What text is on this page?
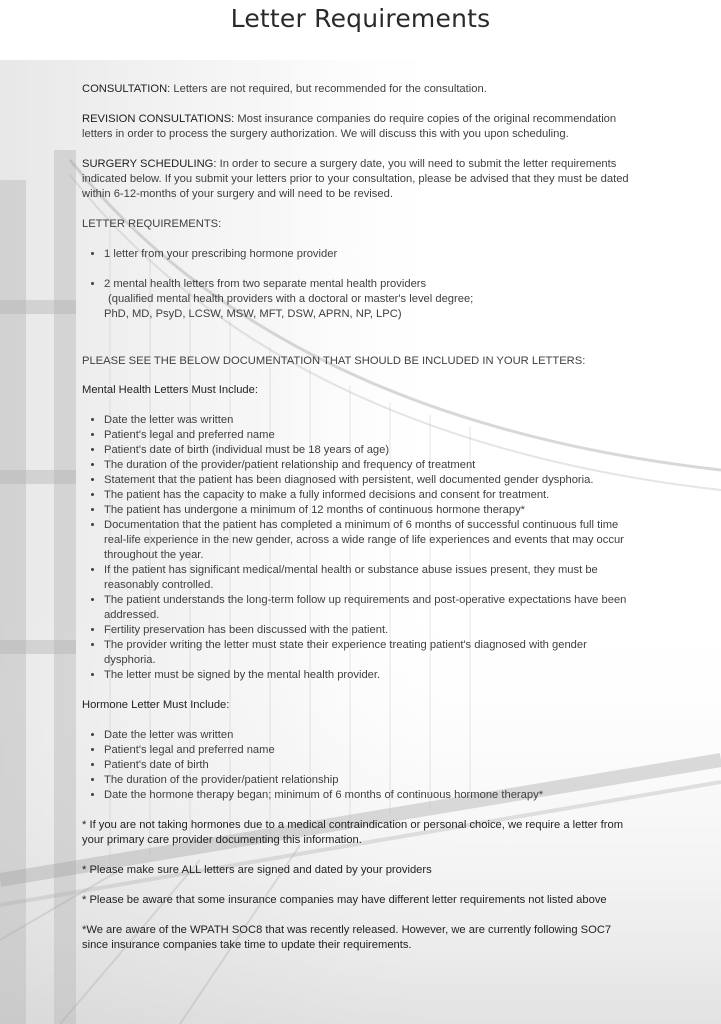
Letter Requirements

CONSULTATION: Letters are not required, but recommended for the consultation.

REVISION CONSULTATIONS: Most insurance companies do require copies of the original recommendation letters in order to process the surgery authorization. We will discuss this with you upon scheduling.

SURGERY SCHEDULING: In order to secure a surgery date, you will need to submit the letter requirements indicated below. If you submit your letters prior to your consultation, please be advised that they must be dated within 6-12-months of your surgery and will need to be revised.

LETTER REQUIREMENTS:

• 1 letter from your prescribing hormone provider
• 2 mental health letters from two separate mental health providers

(qualified mental health providers with a doctoral or master's level degree;
PhD, MD, PsyD, LCSW, MSW, MFT, DSW, APRN, NP, LPC)

PLEASE SEE THE BELOW DOCUMENTATION THAT SHOULD BE INCLUDED IN YOUR LETTERS:

Mental Health Letters Must Include:

• Date the letter was written
• Patient's legal and preferred name
• Patient's date of birth (individual must be 18 years of age)
• The duration of the provider/patient relationship and frequency of treatment
• Statement that the patient has been diagnosed with persistent, well documented gender dysphoria.
• The patient has the capacity to make a fully informed decisions and consent for treatment.
• The patient has undergone a minimum of 12 months of continuous hormone therapy*
• Documentation that the patient has completed a minimum of 6 months of successful continuous full time real-life experience in the new gender, across a wide range of life experiences and events that may occur throughout the year.
• If the patient has significant medical/mental health or substance abuse issues present, they must be reasonably controlled.
• The patient understands the long-term follow up requirements and post-operative expectations have been addressed.
• Fertility preservation has been discussed with the patient.
• The provider writing the letter must state their experience treating patient's diagnosed with gender dysphoria.
• The letter must be signed by the mental health provider.

Hormone Letter Must Include:

• Date the letter was written
• Patient's legal and preferred name
• Patient's date of birth
• The duration of the provider/patient relationship
• Date the hormone therapy began; minimum of 6 months of continuous hormone therapy*

* If you are not taking hormones due to a medical contraindication or personal choice, we require a letter from your primary care provider documenting this information.

* Please make sure ALL letters are signed and dated by your providers

* Please be aware that some insurance companies may have different letter requirements not listed above

*We are aware of the WPATH SOC8 that was recently released. However, we are currently following SOC7 since insurance companies take time to update their requirements.
